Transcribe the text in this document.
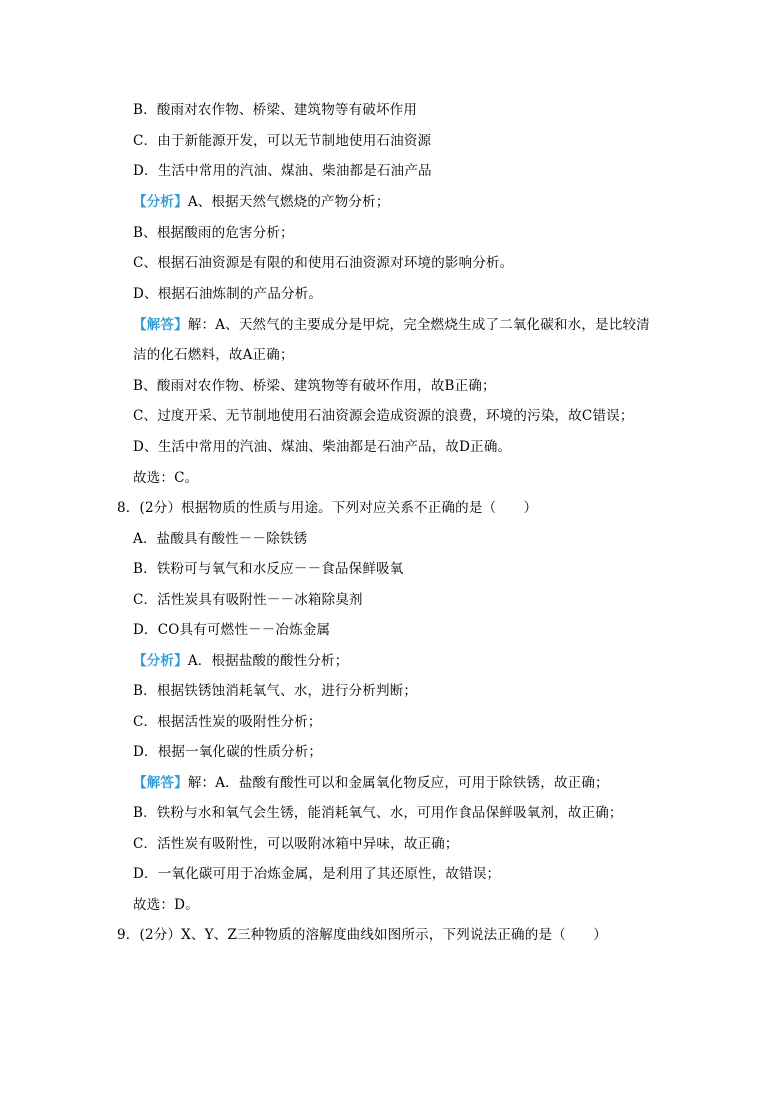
B．酸雨对农作物、桥梁、建筑物等有破坏作用
C．由于新能源开发，可以无节制地使用石油资源
D．生活中常用的汽油、煤油、柴油都是石油产品
【分析】A、根据天然气燃烧的产物分析；
B、根据酸雨的危害分析；
C、根据石油资源是有限的和使用石油资源对环境的影响分析。
D、根据石油炼制的产品分析。
【解答】解：A、天然气的主要成分是甲烷，完全燃烧生成了二氧化碳和水，是比较清
洁的化石燃料，故A正确；
B、酸雨对农作物、桥梁、建筑物等有破坏作用，故B正确；
C、过度开采、无节制地使用石油资源会造成资源的浪费，环境的污染，故C错误；
D、生活中常用的汽油、煤油、柴油都是石油产品，故D正确。
故选：C。
8．(2分）根据物质的性质与用途。下列对应关系不正确的是（　　）
A．盐酸具有酸性－－除铁锈
B．铁粉可与氧气和水反应－－食品保鲜吸氧
C．活性炭具有吸附性－－冰箱除臭剂
D．CO具有可燃性－－冶炼金属
【分析】A．根据盐酸的酸性分析；
B．根据铁锈蚀消耗氧气、水，进行分析判断；
C．根据活性炭的吸附性分析；
D．根据一氧化碳的性质分析；
【解答】解：A．盐酸有酸性可以和金属氧化物反应，可用于除铁锈，故正确；
B．铁粉与水和氧气会生锈，能消耗氧气、水，可用作食品保鲜吸氧剂，故正确；
C．活性炭有吸附性，可以吸附冰箱中异味，故正确；
D．一氧化碳可用于冶炼金属，是利用了其还原性，故错误；
故选：D。
9．(2分）X、Y、Z三种物质的溶解度曲线如图所示，下列说法正确的是（　　）
